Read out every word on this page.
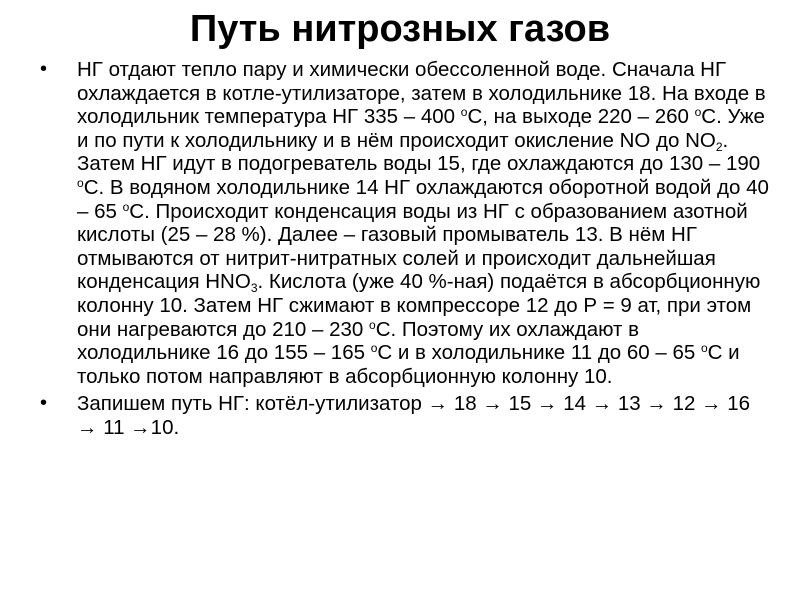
Путь нитрозных газов
• НГ отдают тепло пару и химически обессоленной воде. Сначала НГ охлаждается в котле-утилизаторе, затем в холодильнике 18. На входе в холодильник температура НГ 335 – 400 $^о$С, на выходе 220 – 260 $^о$С. Уже и по пути к холодильнику и в нём происходит окисление NO до $NO_2$. Затем НГ идут в подогреватель воды 15, где охлаждаются до 130 – 190 $^о$С. В водяном холодильнике 14 НГ охлаждаются оборотной водой до 40 – 65 $^о$С. Происходит конденсация воды из НГ с образованием азотной кислоты (25 – 28 %). Далее – газовый промыватель 13. В нём НГ отмываются от нитрит-нитратных солей и происходит дальнейшая конденсация $HNO_3$. Кислота (уже 40 %-ная) подаётся в абсорбционную колонну 10. Затем НГ сжимают в компрессоре 12 до Р = 9 ат, при этом они нагреваются до 210 – 230 $^о$С. Поэтому их охлаждают в холодильнике 16 до 155 – 165 $^о$С и в холодильнике 11 до 60 – 65 $^о$С и только потом направляют в абсорбционную колонну 10.
• Запишем путь НГ: котёл-утилизатор → 18 → 15 → 14 → 13 → 12 → 16 → 11 →10.
